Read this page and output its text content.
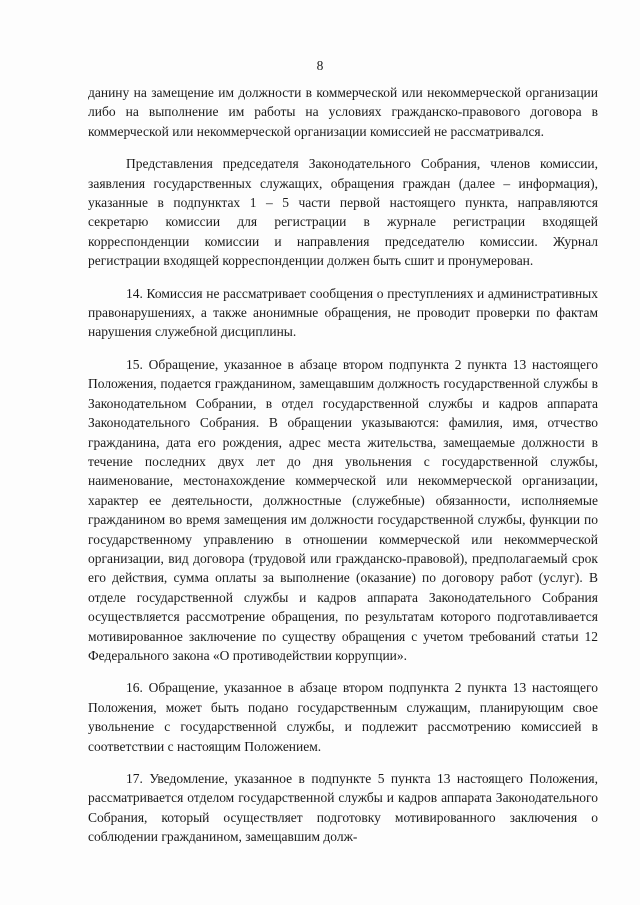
8

данину на замещение им должности в коммерческой или некоммерческой организации либо на выполнение им работы на условиях гражданско-правового договора в коммерческой или некоммерческой организации комиссией не рассматривался.

Представления председателя Законодательного Собрания, членов комиссии, заявления государственных служащих, обращения граждан (далее – информация), указанные в подпунктах 1 – 5 части первой настоящего пункта, направляются секретарю комиссии для регистрации в журнале регистрации входящей корреспонденции комиссии и направления председателю комиссии. Журнал регистрации входящей корреспонденции должен быть сшит и пронумерован.

14. Комиссия не рассматривает сообщения о преступлениях и административных правонарушениях, а также анонимные обращения, не проводит проверки по фактам нарушения служебной дисциплины.

15. Обращение, указанное в абзаце втором подпункта 2 пункта 13 настоящего Положения, подается гражданином, замещавшим должность государственной службы в Законодательном Собрании, в отдел государственной службы и кадров аппарата Законодательного Собрания. В обращении указываются: фамилия, имя, отчество гражданина, дата его рождения, адрес места жительства, замещаемые должности в течение последних двух лет до дня увольнения с государственной службы, наименование, местонахождение коммерческой или некоммерческой организации, характер ее деятельности, должностные (служебные) обязанности, исполняемые гражданином во время замещения им должности государственной службы, функции по государственному управлению в отношении коммерческой или некоммерческой организации, вид договора (трудовой или гражданско-правовой), предполагаемый срок его действия, сумма оплаты за выполнение (оказание) по договору работ (услуг). В отделе государственной службы и кадров аппарата Законодательного Собрания осуществляется рассмотрение обращения, по результатам которого подготавливается мотивированное заключение по существу обращения с учетом требований статьи 12 Федерального закона «О противодействии коррупции».

16. Обращение, указанное в абзаце втором подпункта 2 пункта 13 настоящего Положения, может быть подано государственным служащим, планирующим свое увольнение с государственной службы, и подлежит рассмотрению комиссией в соответствии с настоящим Положением.

17. Уведомление, указанное в подпункте 5 пункта 13 настоящего Положения, рассматривается отделом государственной службы и кадров аппарата Законодательного Собрания, который осуществляет подготовку мотивированного заключения о соблюдении гражданином, замещавшим долж-
